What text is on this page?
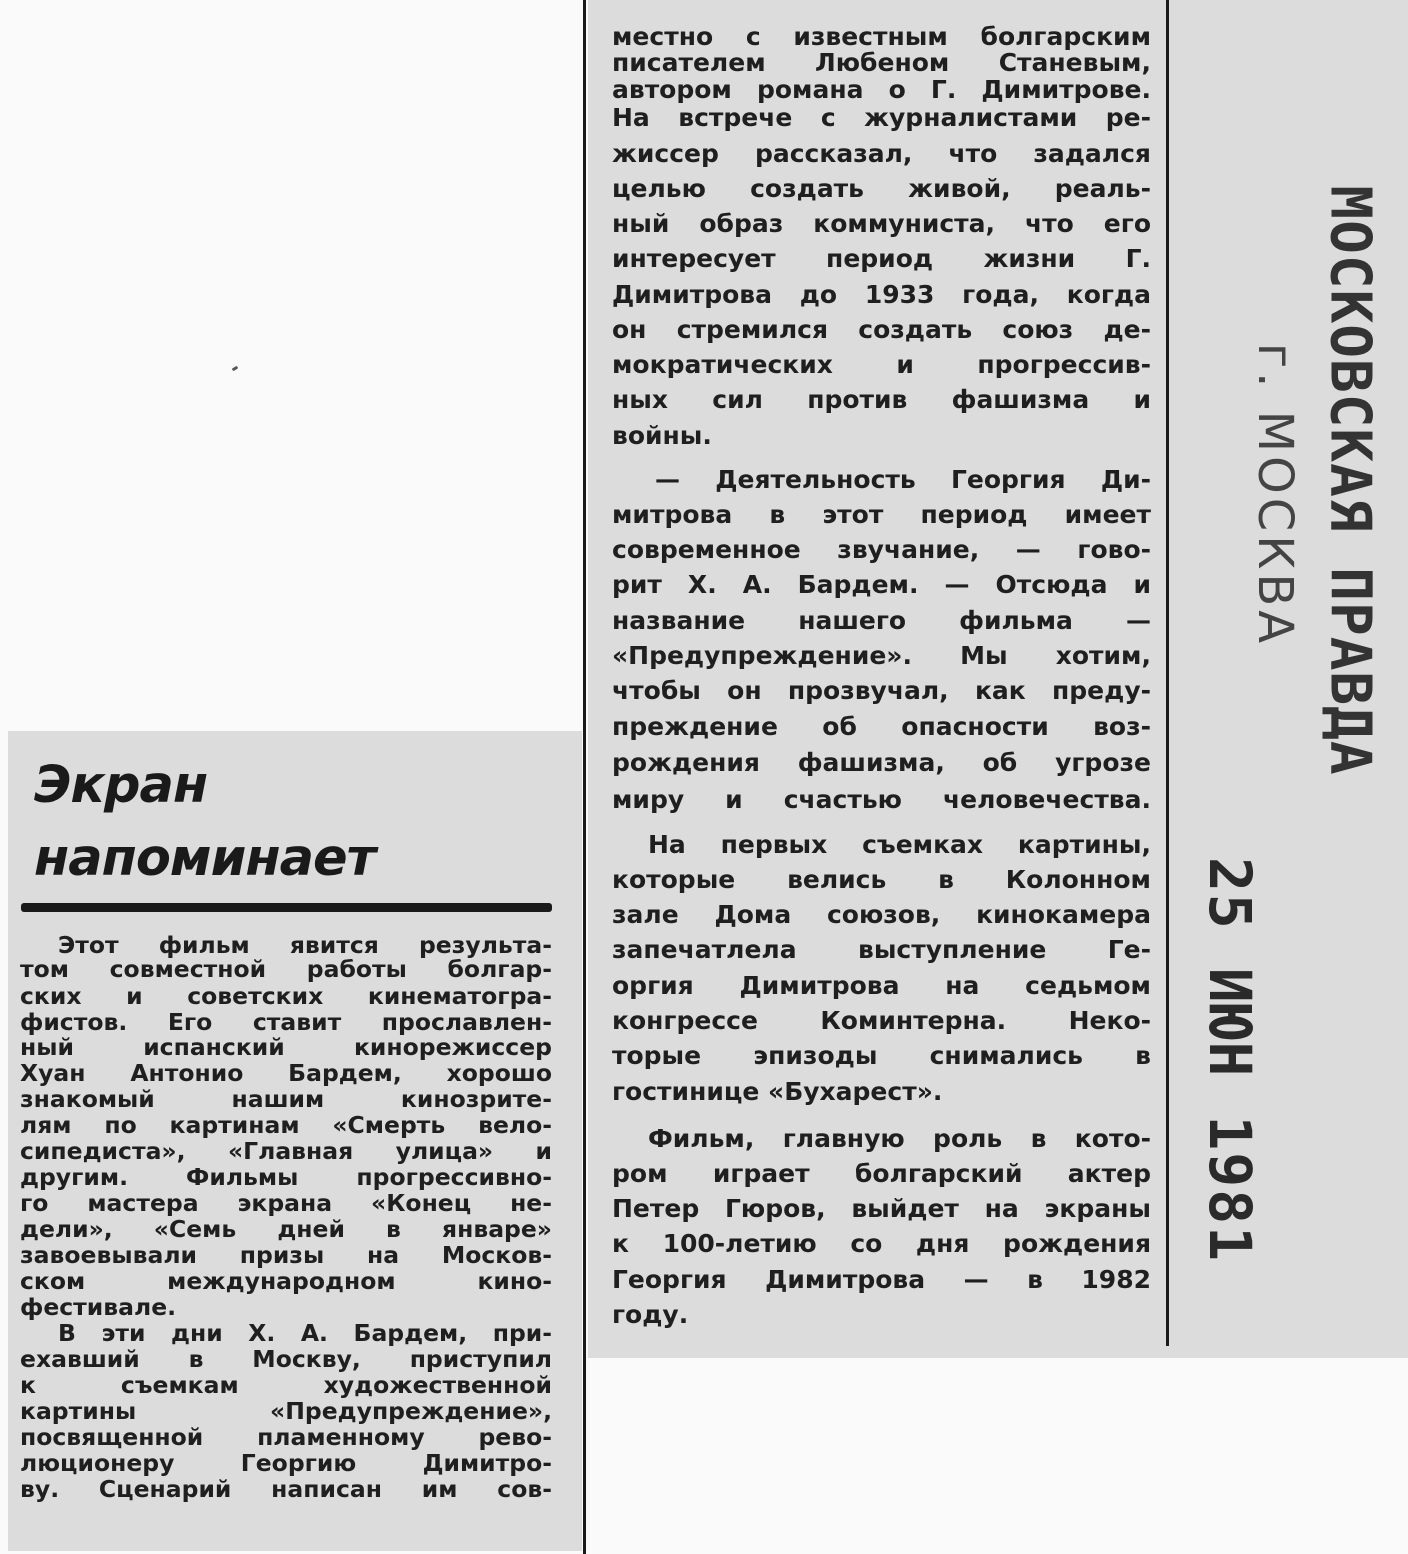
Экран
напоминает
Этот фильм явится результа-
том совместной работы болгар-
ских и советских кинематогра-
фистов. Его ставит прославлен-
ный испанский кинорежиссер
Хуан Антонио Бардем, хорошо
знакомый нашим кинозрите-
лям по картинам «Смерть вело-
сипедиста», «Главная улица» и
другим. Фильмы прогрессивно-
го мастера экрана «Конец не-
дели», «Семь дней в январе»
завоевывали призы на Москов-
ском международном кино-
фестивале.
В эти дни Х. А. Бардем, при-
ехавший в Москву, приступил
к съемкам художественной
картины «Предупреждение»,
посвященной пламенному рево-
люционеру Георгию Димитро-
ву. Сценарий написан им сов-
местно с известным болгарским
писателем Любеном Станевым,
автором романа о Г. Димитрове.
На встрече с журналистами ре-
жиссер рассказал, что задался
целью создать живой, реаль-
ный образ коммуниста, что его
интересует период жизни Г.
Димитрова до 1933 года, когда
он стремился создать союз де-
мократических и прогрессив-
ных сил против фашизма и
войны.
— Деятельность Георгия Ди-
митрова в этот период имеет
современное звучание, — гово-
рит Х. А. Бардем. — Отсюда и
название нашего фильма —
«Предупреждение». Мы хотим,
чтобы он прозвучал, как преду-
преждение об опасности воз-
рождения фашизма, об угрозе
миру и счастью человечества.
На первых съемках картины,
которые велись в Колонном
зале Дома союзов, кинокамера
запечатлела выступление Ге-
оргия Димитрова на седьмом
конгрессе Коминтерна. Неко-
торые эпизоды снимались в
гостинице «Бухарест».
Фильм, главную роль в кото-
ром играет болгарский актер
Петер Гюров, выйдет на экраны
к 100-летию со дня рождения
Георгия Димитрова — в 1982
году.
МОСКОВСКАЯ ПРАВДА
г. МОСКВА
25 ИЮН 1981
